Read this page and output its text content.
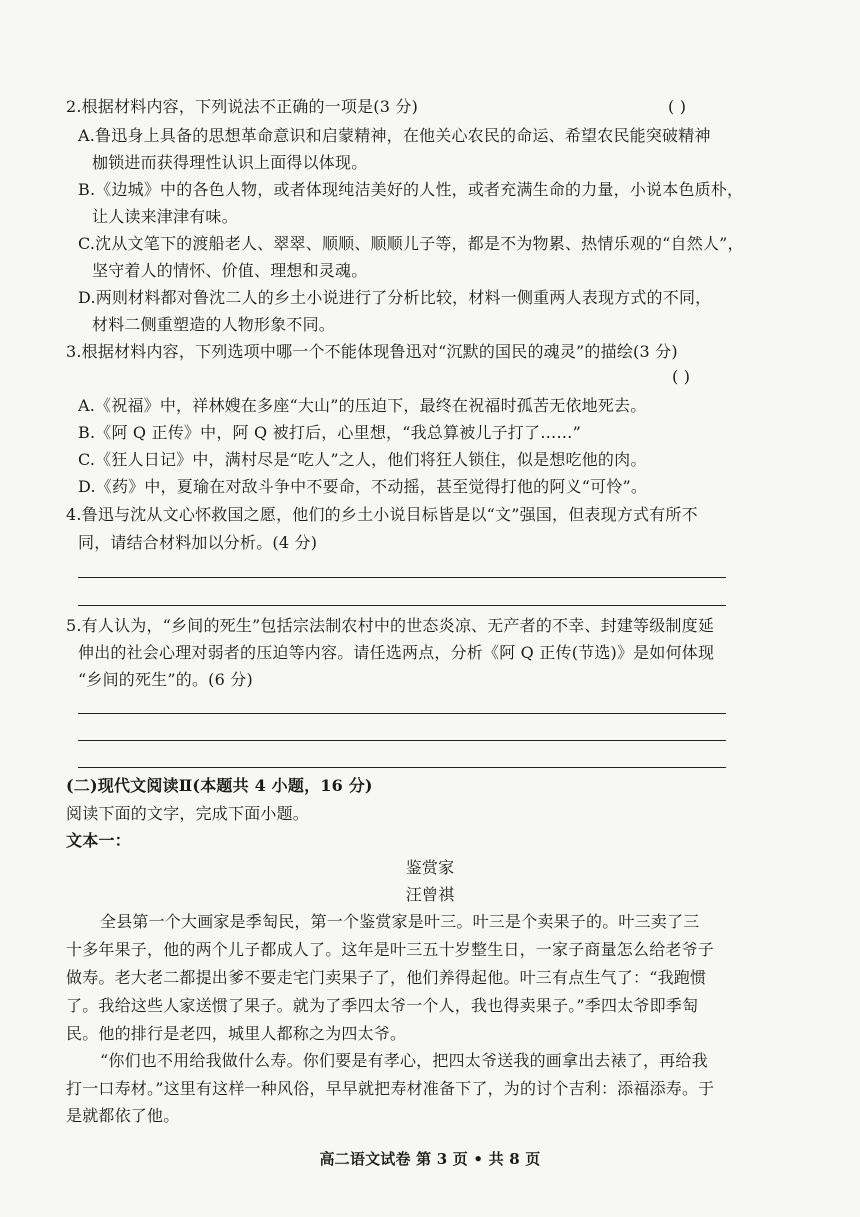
2.根据材料内容，下列说法不正确的一项是(3 分)	( )
A.鲁迅身上具备的思想革命意识和启蒙精神，在他关心农民的命运、希望农民能突破精神
枷锁进而获得理性认识上面得以体现。
B.《边城》中的各色人物，或者体现纯洁美好的人性，或者充满生命的力量，小说本色质朴，
让人读来津津有味。
C.沈从文笔下的渡船老人、翠翠、顺顺、顺顺儿子等，都是不为物累、热情乐观的“自然人”，
坚守着人的情怀、价值、理想和灵魂。
D.两则材料都对鲁沈二人的乡土小说进行了分析比较，材料一侧重两人表现方式的不同，
材料二侧重塑造的人物形象不同。
3.根据材料内容，下列选项中哪一个不能体现鲁迅对“沉默的国民的魂灵”的描绘(3 分)
( )
A.《祝福》中，祥林嫂在多座“大山”的压迫下，最终在祝福时孤苦无依地死去。
B.《阿 Q 正传》中，阿 Q 被打后，心里想，“我总算被儿子打了……”
C.《狂人日记》中，满村尽是“吃人”之人，他们将狂人锁住，似是想吃他的肉。
D.《药》中，夏瑜在对敌斗争中不要命，不动摇，甚至觉得打他的阿义“可怜”。
4.鲁迅与沈从文心怀救国之愿，他们的乡土小说目标皆是以“文”强国，但表现方式有所不
同，请结合材料加以分析。(4 分)
5.有人认为，“乡间的死生”包括宗法制农村中的世态炎凉、无产者的不幸、封建等级制度延
伸出的社会心理对弱者的压迫等内容。请任选两点，分析《阿 Q 正传(节选)》是如何体现
“乡间的死生”的。(6 分)
(二)现代文阅读Ⅱ(本题共 4 小题，16 分)
阅读下面的文字，完成下面小题。
文本一：
鉴赏家
汪曾祺
全县第一个大画家是季匋民，第一个鉴赏家是叶三。叶三是个卖果子的。叶三卖了三
十多年果子，他的两个儿子都成人了。这年是叶三五十岁整生日，一家子商量怎么给老爷子
做寿。老大老二都提出爹不要走宅门卖果子了，他们养得起他。叶三有点生气了：“我跑惯
了。我给这些人家送惯了果子。就为了季四太爷一个人，我也得卖果子。”季四太爷即季匋
民。他的排行是老四，城里人都称之为四太爷。
“你们也不用给我做什么寿。你们要是有孝心，把四太爷送我的画拿出去裱了，再给我
打一口寿材。”这里有这样一种风俗，早早就把寿材准备下了，为的讨个吉利：添福添寿。于
是就都依了他。
高二语文试卷 第 3 页 • 共 8 页
